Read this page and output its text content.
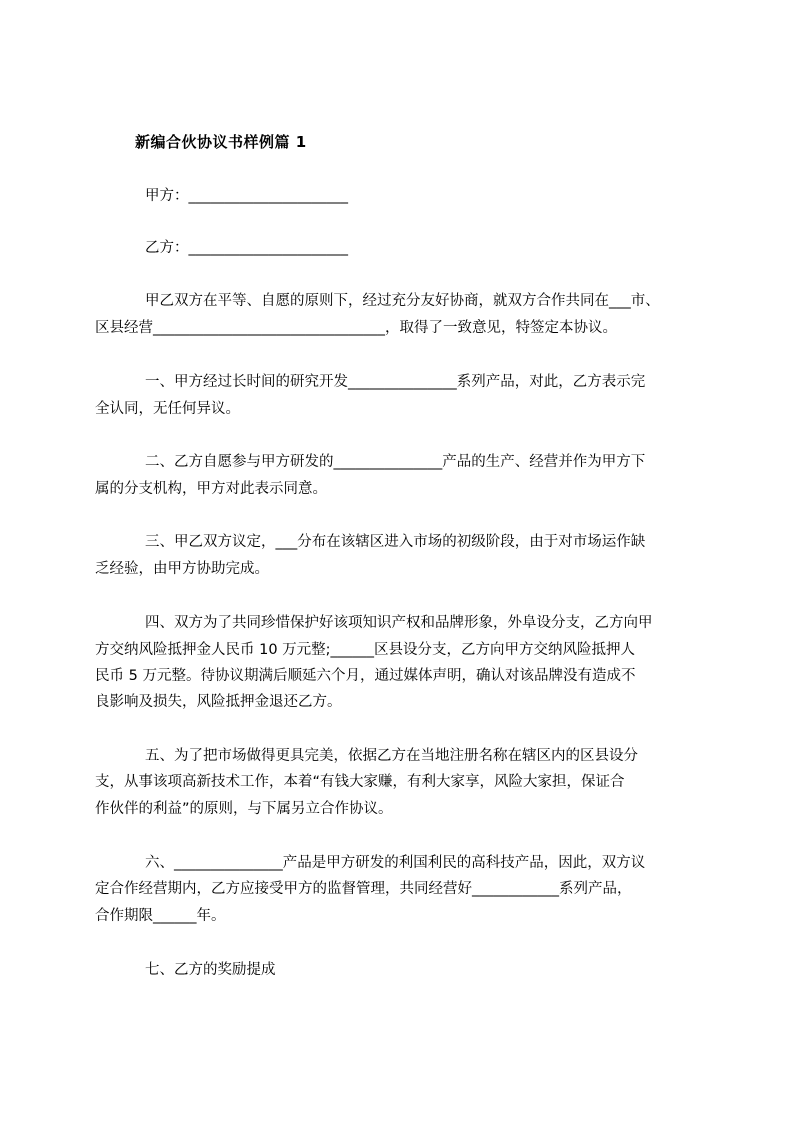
新编合伙协议书样例篇 1
甲方：______________________
乙方：______________________
甲乙双方在平等、自愿的原则下，经过充分友好协商，就双方合作共同在___市、
区县经营________________________________，取得了一致意见，特签定本协议。
一、甲方经过长时间的研究开发_______________系列产品，对此，乙方表示完
全认同，无任何异议。
二、乙方自愿参与甲方研发的_______________产品的生产、经营并作为甲方下
属的分支机构，甲方对此表示同意。
三、甲乙双方议定，___分布在该辖区进入市场的初级阶段，由于对市场运作缺
乏经验，由甲方协助完成。
四、双方为了共同珍惜保护好该项知识产权和品牌形象，外阜设分支，乙方向甲
方交纳风险抵押金人民币 10 万元整;______区县设分支，乙方向甲方交纳风险抵押人
民币 5 万元整。待协议期满后顺延六个月，通过媒体声明，确认对该品牌没有造成不
良影响及损失，风险抵押金退还乙方。
五、为了把市场做得更具完美，依据乙方在当地注册名称在辖区内的区县设分
支，从事该项高新技术工作，本着“有钱大家赚，有利大家享，风险大家担，保证合
作伙伴的利益”的原则，与下属另立合作协议。
六、_______________产品是甲方研发的利国利民的高科技产品，因此，双方议
定合作经营期内，乙方应接受甲方的监督管理，共同经营好____________系列产品，
合作期限______年。
七、乙方的奖励提成
